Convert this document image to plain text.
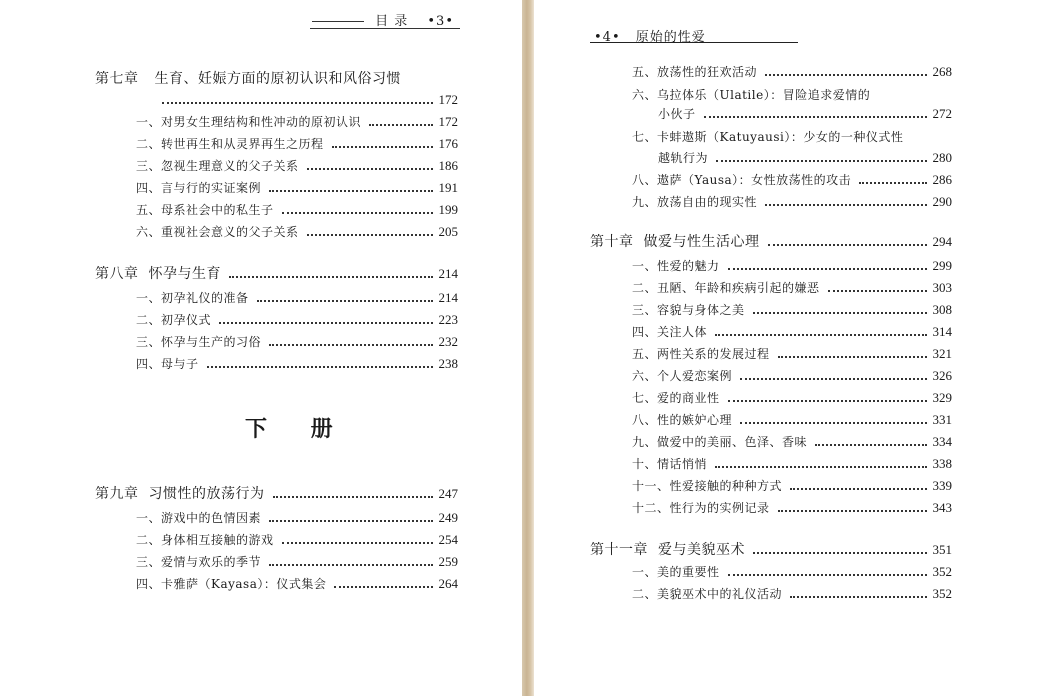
目 录 •3•
第七章 生育、妊娠方面的原初认识和风俗习惯
172
一、对男女生理结构和性冲动的原初认识	172
二、转世再生和从灵界再生之历程	176
三、忽视生理意义的父子关系	186
四、言与行的实证案例	191
五、母系社会中的私生子	199
六、重视社会意义的父子关系	205
第八章 怀孕与生育	214
一、初孕礼仪的准备	214
二、初孕仪式	223
三、怀孕与生产的习俗	232
四、母与子	238
下 册
第九章 习惯性的放荡行为	247
一、游戏中的色情因素	249
二、身体相互接触的游戏	254
三、爱情与欢乐的季节	259
四、卡雅萨（Kayasa）：仪式集会	264
•4• 原始的性爱
五、放荡性的狂欢活动	268
六、乌拉体乐（Ulatile）：冒险追求爱情的
小伙子	272
七、卡蚌遨斯（Katuyausi）：少女的一种仪式性
越轨行为	280
八、遨萨（Yausa）：女性放荡性的攻击	286
九、放荡自由的现实性	290
第十章 做爱与性生活心理	294
一、性爱的魅力	299
二、丑陋、年龄和疾病引起的嫌恶	303
三、容貌与身体之美	308
四、关注人体	314
五、两性关系的发展过程	321
六、个人爱恋案例	326
七、爱的商业性	329
八、性的嫉妒心理	331
九、做爱中的美丽、色泽、香味	334
十、情话悄悄	338
十一、性爱接触的种种方式	339
十二、性行为的实例记录	343
第十一章 爱与美貌巫术	351
一、美的重要性	352
二、美貌巫术中的礼仪活动	352
